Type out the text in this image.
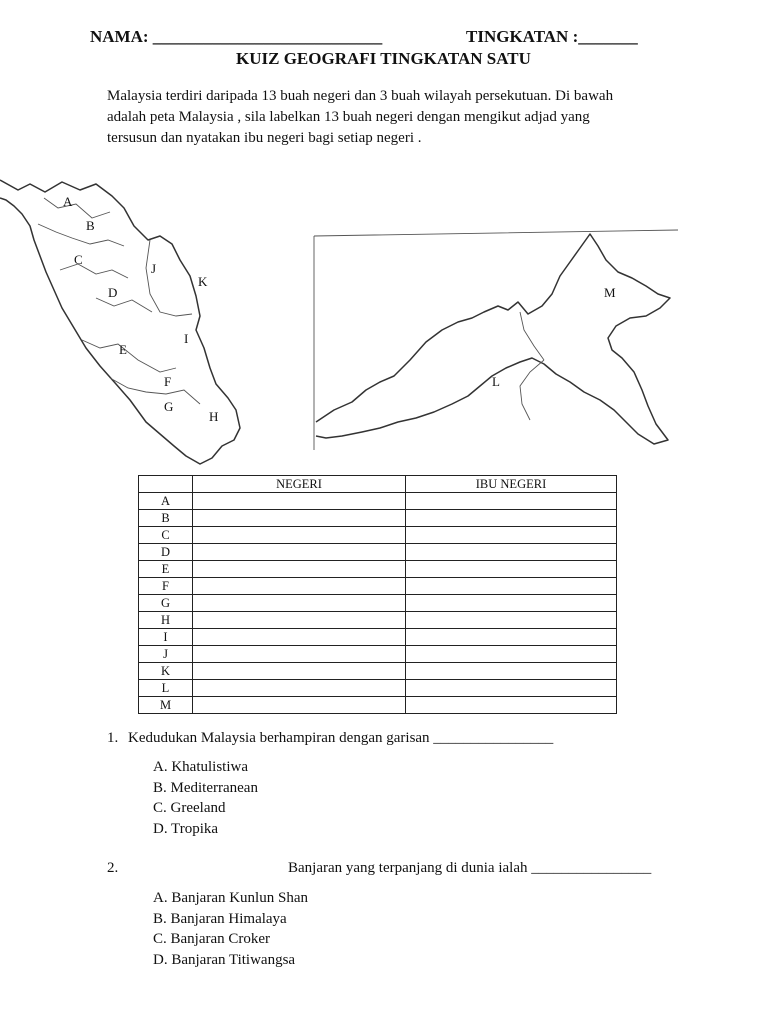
NAMA: ___________________________	TINGKATAN :_______
KUIZ GEOGRAFI TINGKATAN SATU
Malaysia terdiri daripada 13 buah negeri dan 3 buah wilayah persekutuan. Di bawah
adalah peta Malaysia , sila labelkan 13 buah negeri dengan mengikut adjad yang
tersusun dan nyatakan ibu negeri bagi setiap negeri .
A
B
C
J
K
D
I
E
F
G
H
M
L
	NEGERI	IBU NEGERI
A		
B		
C		
D		
E		
F		
G		
H		
I		
J		
K		
L		
M		
1. Kedudukan Malaysia berhampiran dengan garisan ________________
A. Khatulistiwa
B. Mediterranean
C. Greeland
D. Tropika
2.	Banjaran yang terpanjang di dunia ialah ________________
A. Banjaran Kunlun Shan
B. Banjaran Himalaya
C. Banjaran Croker
D. Banjaran Titiwangsa
